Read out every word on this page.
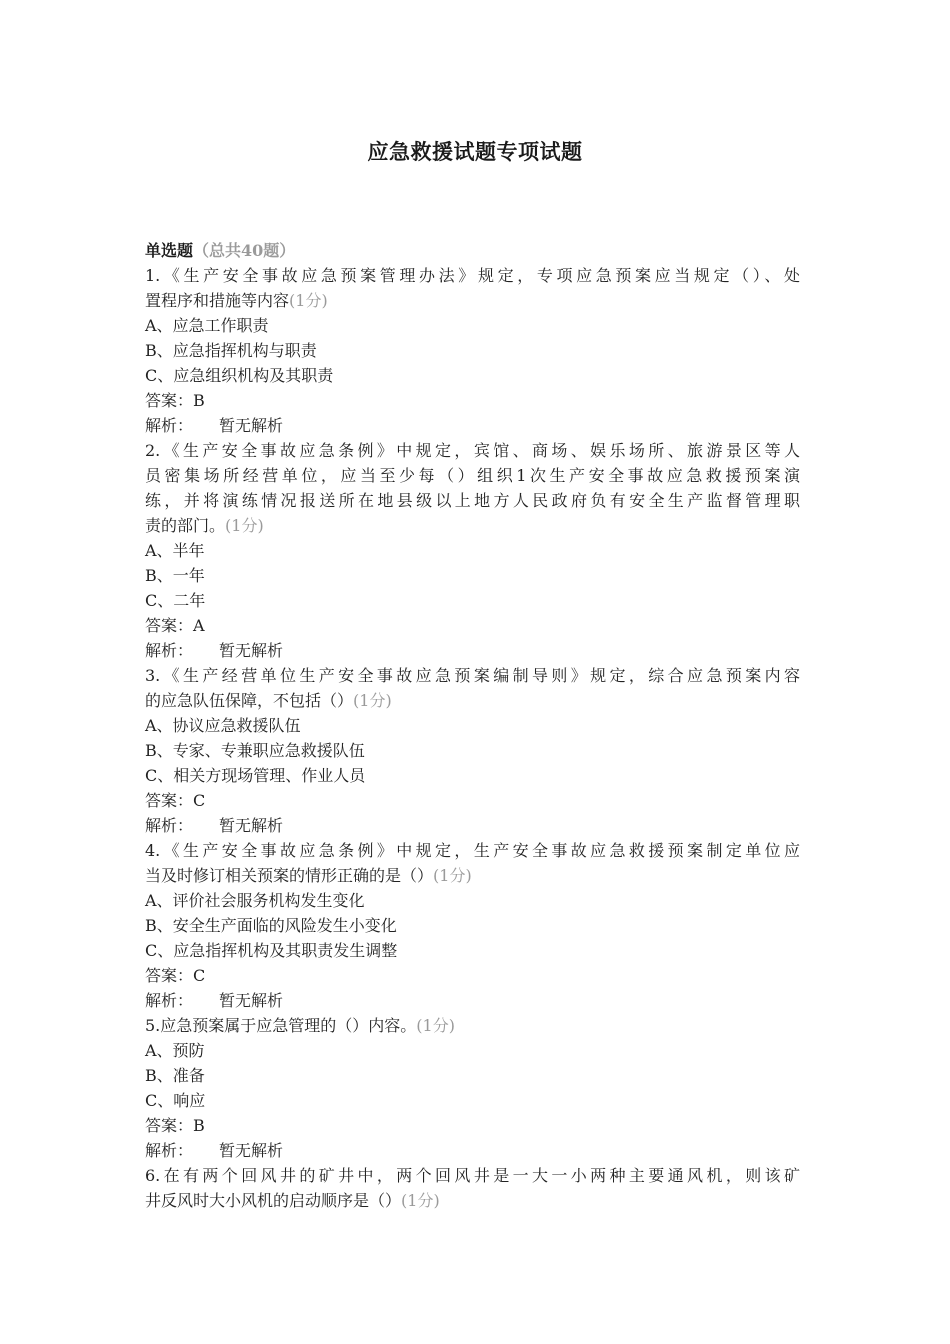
应急救援试题专项试题
单选题（总共40题）
1.《生产安全事故应急预案管理办法》规定，专项应急预案应当规定（）、处
置程序和措施等内容(1分)
A、应急工作职责
B、应急指挥机构与职责
C、应急组织机构及其职责
答案：B
解析： 暂无解析
2.《生产安全事故应急条例》中规定，宾馆、商场、娱乐场所、旅游景区等人
员密集场所经营单位，应当至少每（）组织1次生产安全事故应急救援预案演
练，并将演练情况报送所在地县级以上地方人民政府负有安全生产监督管理职
责的部门。(1分)
A、半年
B、一年
C、二年
答案：A
解析： 暂无解析
3.《生产经营单位生产安全事故应急预案编制导则》规定，综合应急预案内容
的应急队伍保障，不包括（）(1分)
A、协议应急救援队伍
B、专家、专兼职应急救援队伍
C、相关方现场管理、作业人员
答案：C
解析： 暂无解析
4.《生产安全事故应急条例》中规定，生产安全事故应急救援预案制定单位应
当及时修订相关预案的情形正确的是（）(1分)
A、评价社会服务机构发生变化
B、安全生产面临的风险发生小变化
C、应急指挥机构及其职责发生调整
答案：C
解析： 暂无解析
5.应急预案属于应急管理的（）内容。(1分)
A、预防
B、准备
C、响应
答案：B
解析： 暂无解析
6.在有两个回风井的矿井中，两个回风井是一大一小两种主要通风机，则该矿
井反风时大小风机的启动顺序是（）(1分)
